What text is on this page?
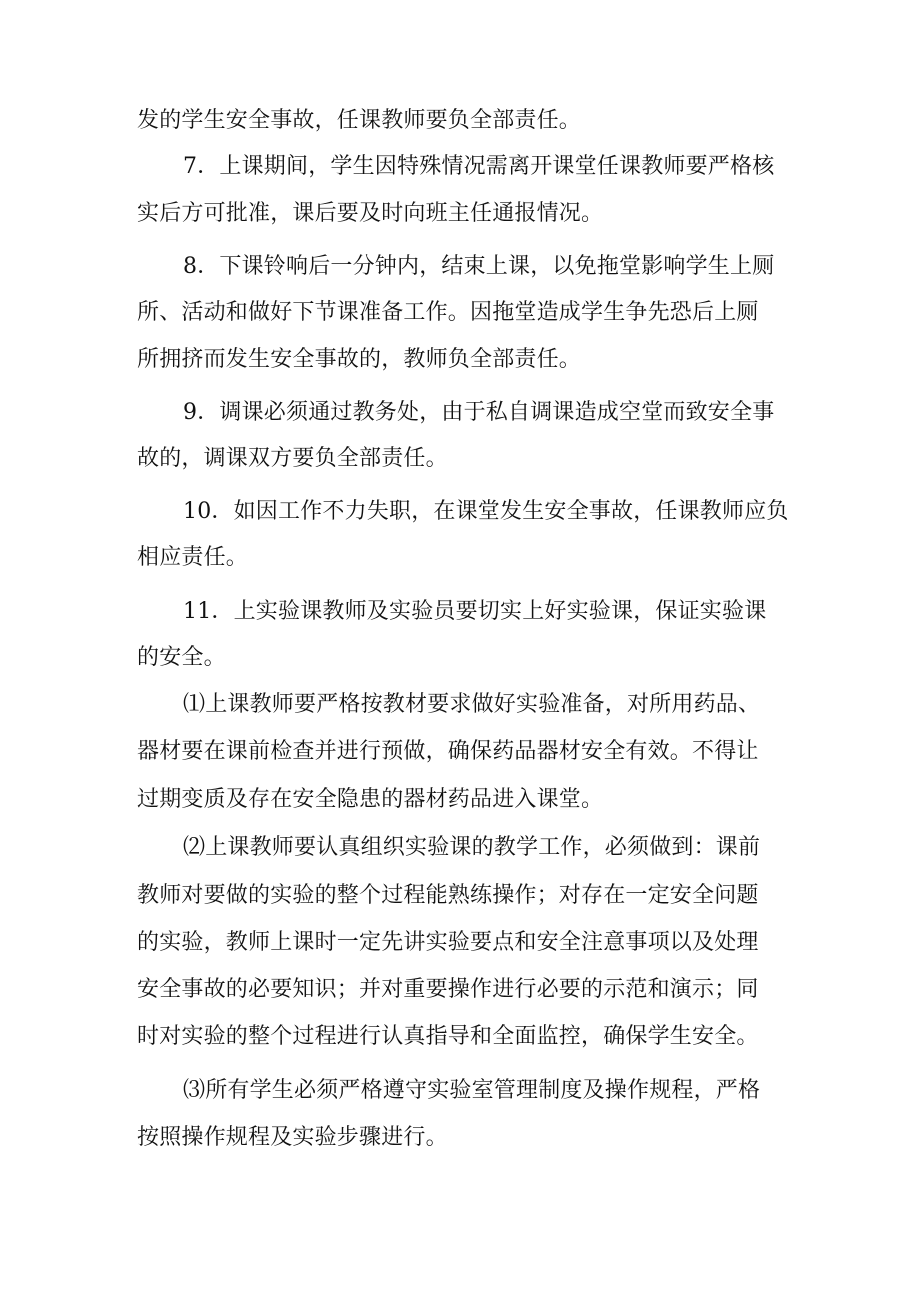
发的学生安全事故，任课教师要负全部责任。
7．上课期间，学生因特殊情况需离开课堂任课教师要严格核
实后方可批准，课后要及时向班主任通报情况。
8．下课铃响后一分钟内，结束上课，以免拖堂影响学生上厕
所、活动和做好下节课准备工作。因拖堂造成学生争先恐后上厕
所拥挤而发生安全事故的，教师负全部责任。
9．调课必须通过教务处，由于私自调课造成空堂而致安全事
故的，调课双方要负全部责任。
10．如因工作不力失职，在课堂发生安全事故，任课教师应负
相应责任。
11．上实验课教师及实验员要切实上好实验课，保证实验课
的安全。
⑴上课教师要严格按教材要求做好实验准备，对所用药品、
器材要在课前检查并进行预做，确保药品器材安全有效。不得让
过期变质及存在安全隐患的器材药品进入课堂。
⑵上课教师要认真组织实验课的教学工作，必须做到：课前
教师对要做的实验的整个过程能熟练操作；对存在一定安全问题
的实验，教师上课时一定先讲实验要点和安全注意事项以及处理
安全事故的必要知识；并对重要操作进行必要的示范和演示；同
时对实验的整个过程进行认真指导和全面监控，确保学生安全。
⑶所有学生必须严格遵守实验室管理制度及操作规程，严格
按照操作规程及实验步骤进行。
